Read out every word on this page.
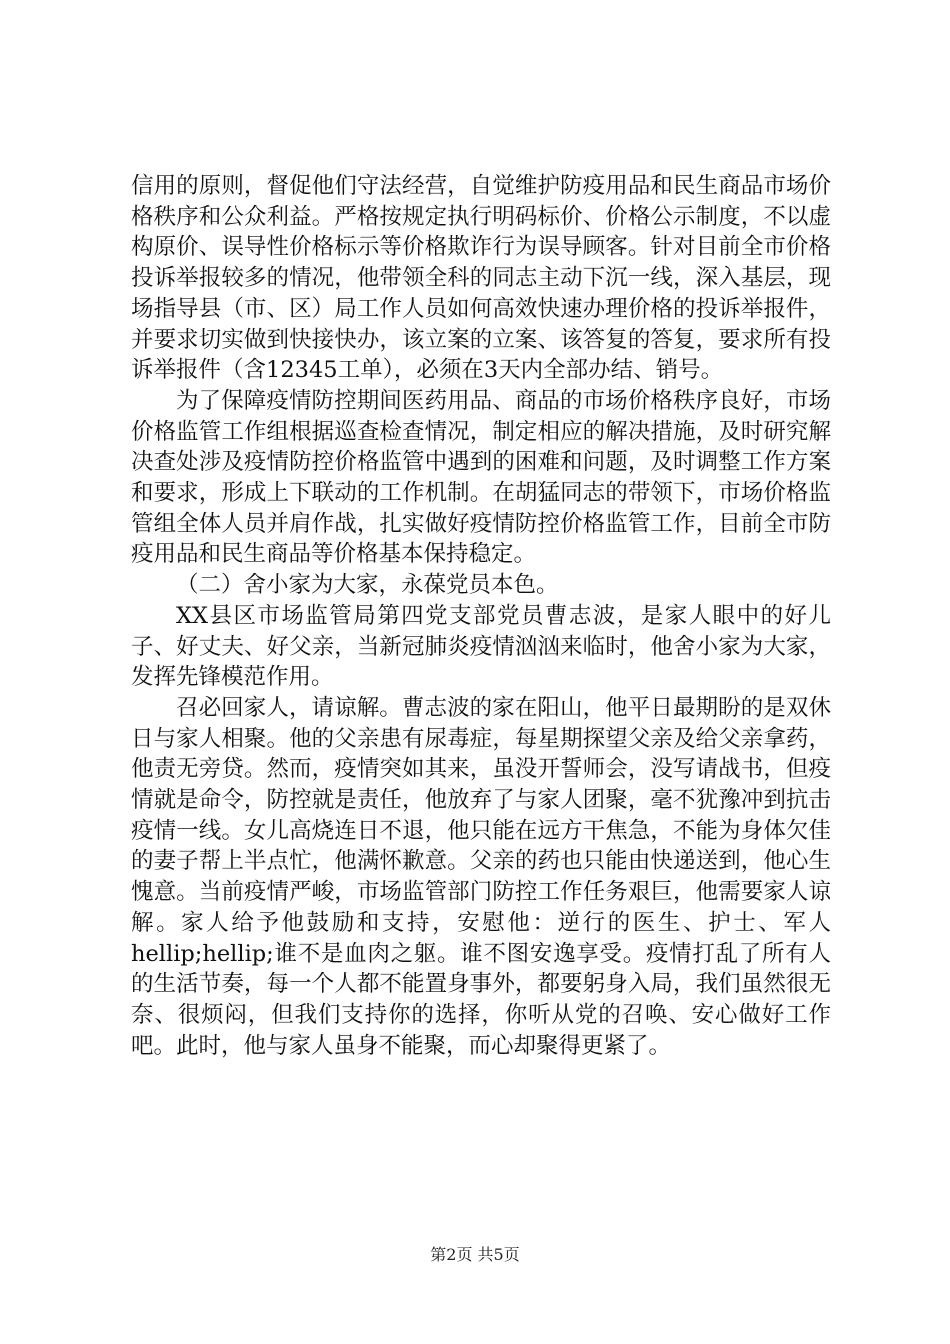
信用的原则，督促他们守法经营，自觉维护防疫用品和民生商品市场价格秩序和公众利益。严格按规定执行明码标价、价格公示制度，不以虚构原价、误导性价格标示等价格欺诈行为误导顾客。针对目前全市价格投诉举报较多的情况，他带领全科的同志主动下沉一线，深入基层，现场指导县（市、区）局工作人员如何高效快速办理价格的投诉举报件，并要求切实做到快接快办，该立案的立案、该答复的答复，要求所有投诉举报件（含12345工单），必须在3天内全部办结、销号。

为了保障疫情防控期间医药用品、商品的市场价格秩序良好，市场价格监管工作组根据巡查检查情况，制定相应的解决措施，及时研究解决查处涉及疫情防控价格监管中遇到的困难和问题，及时调整工作方案和要求，形成上下联动的工作机制。在胡猛同志的带领下，市场价格监管组全体人员并肩作战，扎实做好疫情防控价格监管工作，目前全市防疫用品和民生商品等价格基本保持稳定。

（二）舍小家为大家，永葆党员本色。

XX县区市场监管局第四党支部党员曹志波，是家人眼中的好儿子、好丈夫、好父亲，当新冠肺炎疫情汹汹来临时，他舍小家为大家，发挥先锋模范作用。

召必回家人，请谅解。曹志波的家在阳山，他平日最期盼的是双休日与家人相聚。他的父亲患有尿毒症，每星期探望父亲及给父亲拿药，他责无旁贷。然而，疫情突如其来，虽没开誓师会，没写请战书，但疫情就是命令，防控就是责任，他放弃了与家人团聚，毫不犹豫冲到抗击疫情一线。女儿高烧连日不退，他只能在远方干焦急，不能为身体欠佳的妻子帮上半点忙，他满怀歉意。父亲的药也只能由快递送到，他心生愧意。当前疫情严峻，市场监管部门防控工作任务艰巨，他需要家人谅解。家人给予他鼓励和支持，安慰他：逆行的医生、护士、军人hellip;hellip;谁不是血肉之躯。谁不图安逸享受。疫情打乱了所有人的生活节奏，每一个人都不能置身事外，都要躬身入局，我们虽然很无奈、很烦闷，但我们支持你的选择，你听从党的召唤、安心做好工作吧。此时，他与家人虽身不能聚，而心却聚得更紧了。

第2页 共5页
